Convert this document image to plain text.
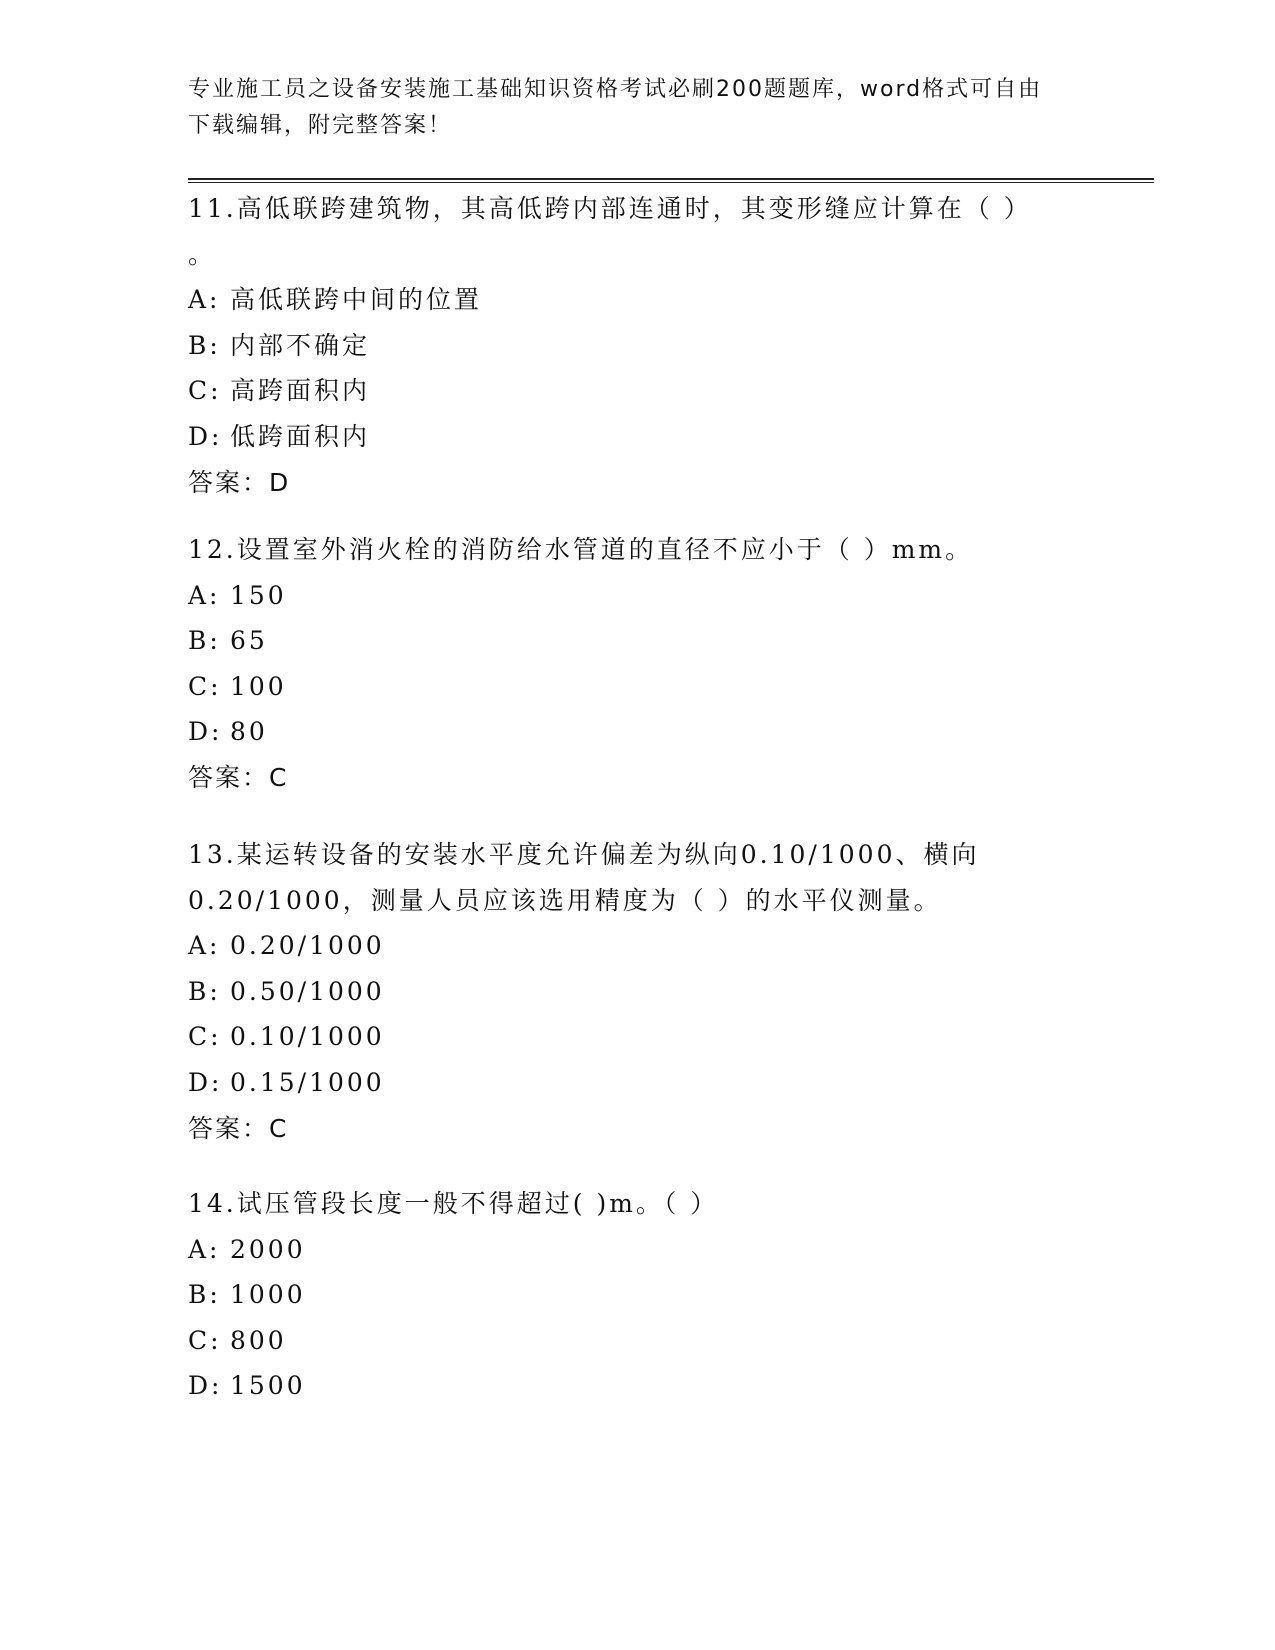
专业施工员之设备安装施工基础知识资格考试必刷200题题库，word格式可自由
下载编辑，附完整答案！
11.高低联跨建筑物，其高低跨内部连通时，其变形缝应计算在（ ）
。
A: 高低联跨中间的位置
B: 内部不确定
C: 高跨面积内
D: 低跨面积内
答案：D
12.设置室外消火栓的消防给水管道的直径不应小于（ ）mm。
A: 150
B: 65
C: 100
D: 80
答案：C
13.某运转设备的安装水平度允许偏差为纵向0.10/1000、横向
0.20/1000，测量人员应该选用精度为（ ）的水平仪测量。
A: 0.20/1000
B: 0.50/1000
C: 0.10/1000
D: 0.15/1000
答案：C
14.试压管段长度一般不得超过( )m。（ ）
A: 2000
B: 1000
C: 800
D: 1500
